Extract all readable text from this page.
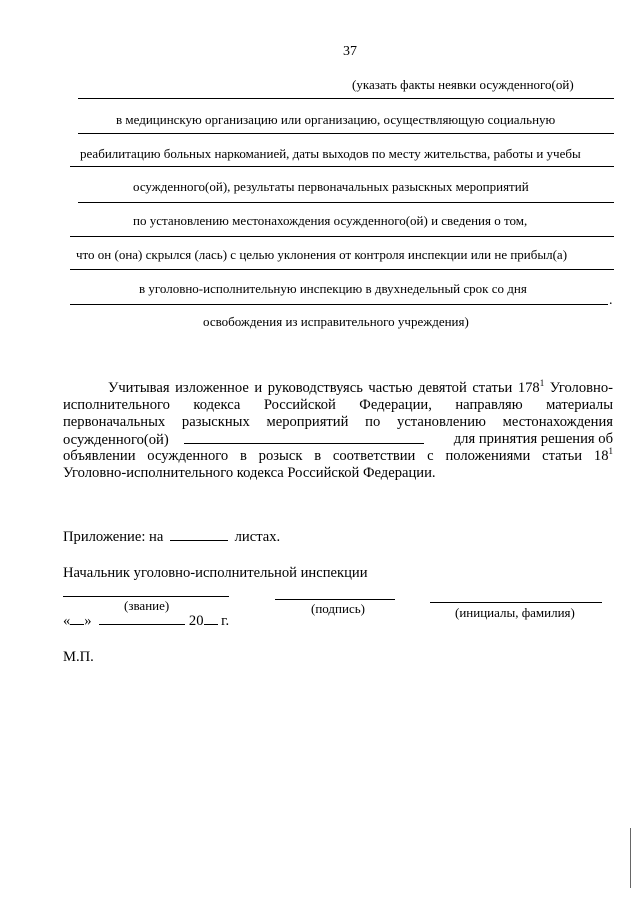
37
(указать факты неявки осужденного(ой)
в медицинскую организацию или организацию, осуществляющую социальную
реабилитацию больных наркоманией, даты выходов по месту жительства, работы и учебы
осужденного(ой), результаты первоначальных разыскных мероприятий
по установлению местонахождения осужденного(ой) и сведения о том,
что он (она) скрылся (лась) с целью уклонения от контроля инспекции или не прибыл(а)
в уголовно-исполнительную инспекцию в двухнедельный срок со дня
.
освобождения из исправительного учреждения)
Учитывая изложенное и руководствуясь частью девятой статьи $178^1$ Уголовно-
исполнительного кодекса Российской Федерации, направляю материалы
первоначальных разыскных мероприятий по установлению местонахождения
осужденного(ой)	для принятия решения об
объявлении осужденного в розыск в соответствии с положениями статьи $18^1$
Уголовно-исполнительного кодекса Российской Федерации.
Приложение: на	листах.
Начальник уголовно-исполнительной инспекции
(звание)	(подпись)	(инициалы, фамилия)
« »	20 г.
М.П.
